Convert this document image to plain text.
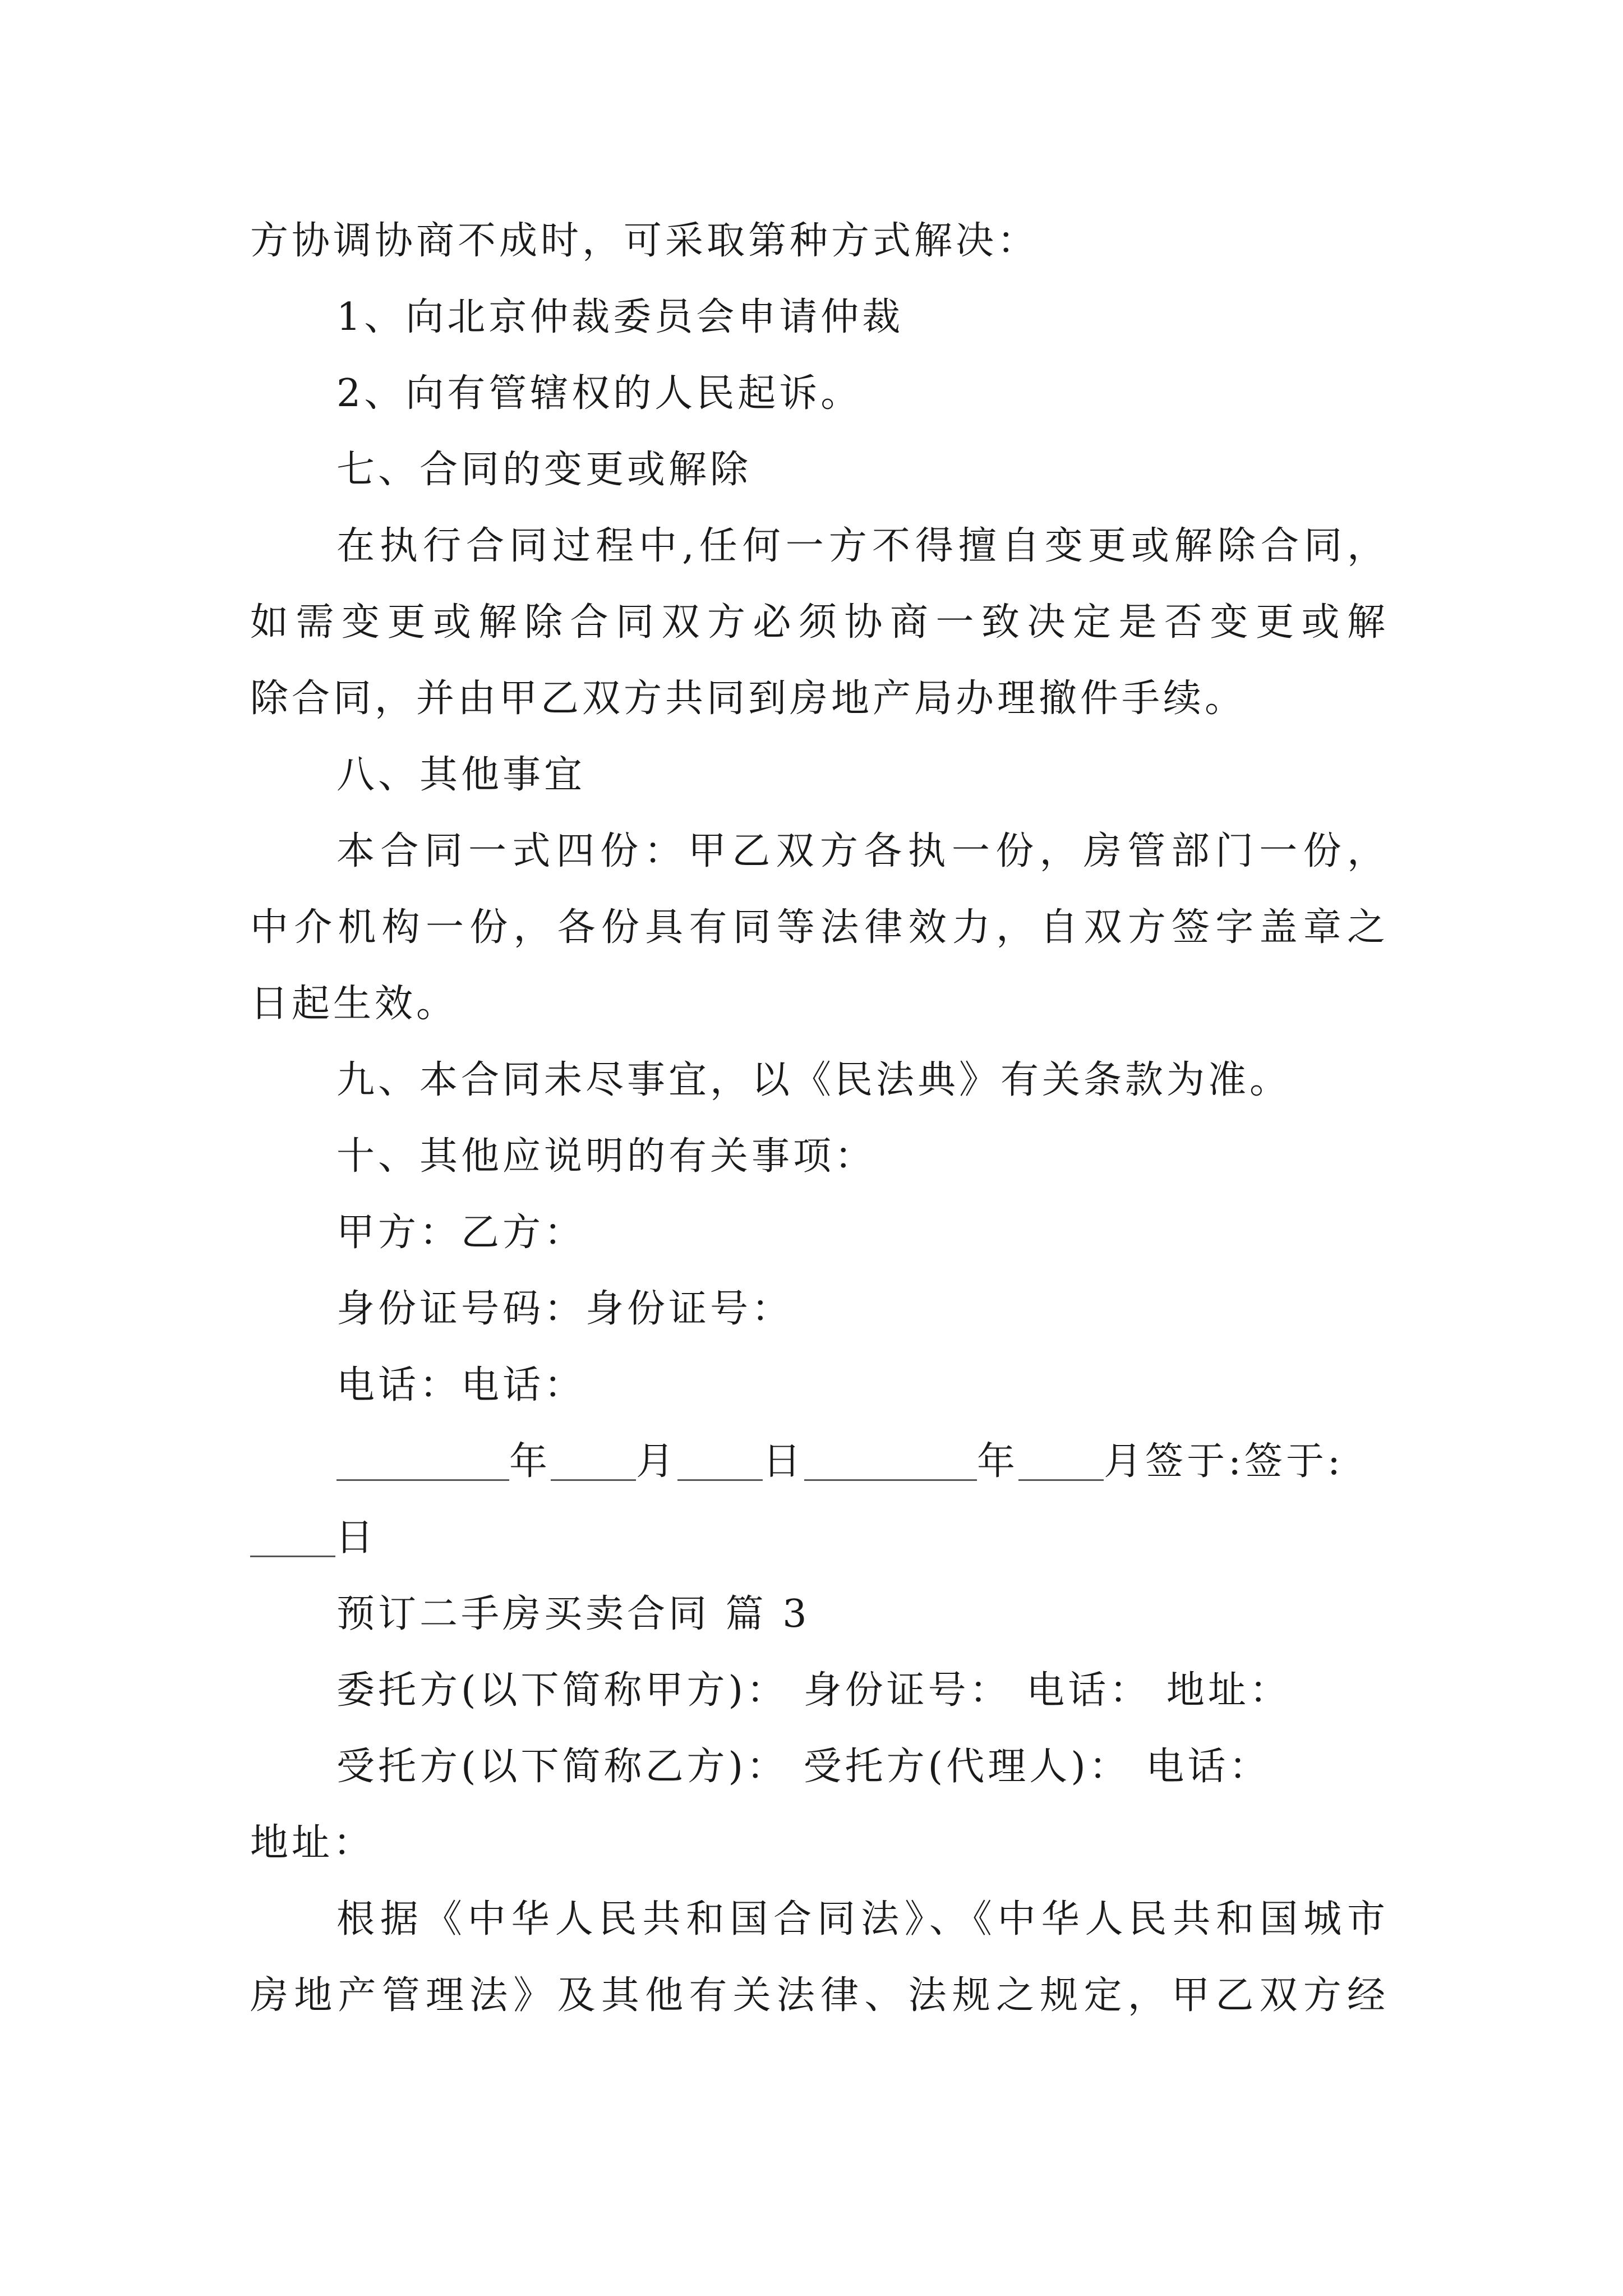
方协调协商不成时，可采取第种方式解决：
1、向北京仲裁委员会申请仲裁
2、向有管辖权的人民起诉。
七、合同的变更或解除
在执行合同过程中,任何一方不得擅自变更或解除合同，
如需变更或解除合同双方必须协商一致决定是否变更或解
除合同，并由甲乙双方共同到房地产局办理撤件手续。
八、其他事宜
本合同一式四份：甲乙双方各执一份，房管部门一份，
中介机构一份，各份具有同等法律效力，自双方签字盖章之
日起生效。
九、本合同未尽事宜，以《民法典》有关条款为准。
十、其他应说明的有关事项：
甲方：乙方：
身份证号码：身份证号：
电话：电话：
年 月 日	年 月签于:签于:
日
预订二手房买卖合同 篇 3
委托方(以下简称甲方)： 身份证号： 电话： 地址：
受托方(以下简称乙方)： 受托方(代理人)： 电话：
地址：
根据《中华人民共和国合同法》、《中华人民共和国城市
房地产管理法》及其他有关法律、法规之规定，甲乙双方经
